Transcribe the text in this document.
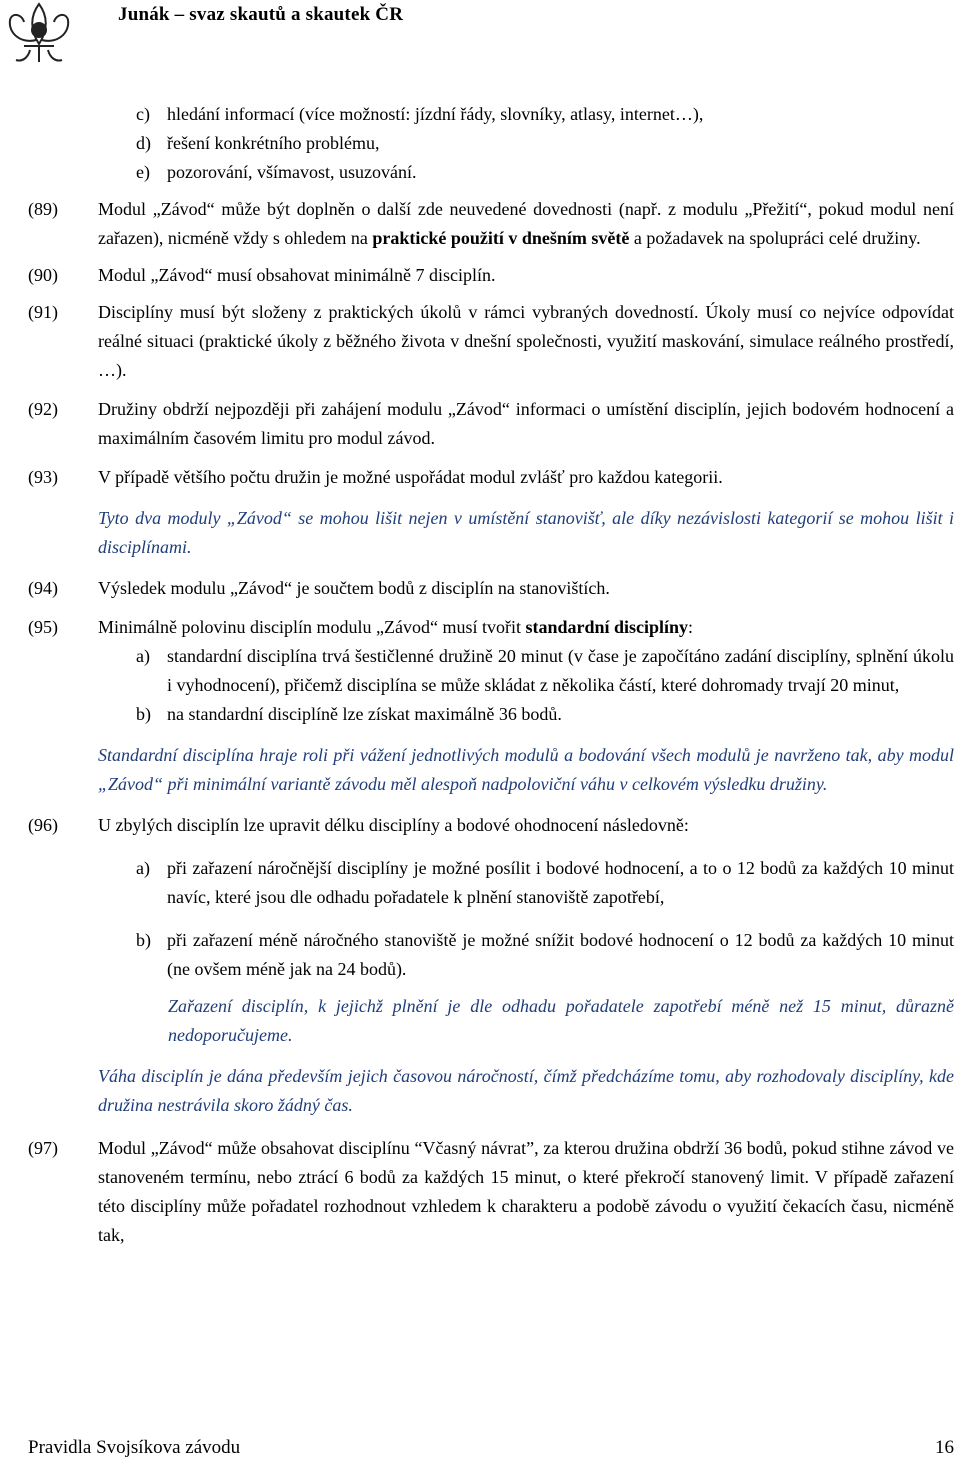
Junák – svaz skautů a skautek ČR
c) hledání informací (více možností: jízdní řády, slovníky, atlasy, internet…),
d) řešení konkrétního problému,
e) pozorování, všímavost, usuzování.
(89)	Modul „Závod“ může být doplněn o další zde neuvedené dovednosti (např. z modulu „Přežití“, pokud modul není zařazen), nicméně vždy s ohledem na praktické použití v dnešním světě a požadavek na spolupráci celé družiny.
(90)	Modul „Závod“ musí obsahovat minimálně 7 disciplín.
(91)	Disciplíny musí být složeny z praktických úkolů v rámci vybraných dovedností. Úkoly musí co nejvíce odpovídat reálné situaci (praktické úkoly z běžného života v dnešní společnosti, využití maskování, simulace reálného prostředí, …).
(92)	Družiny obdrží nejpozději při zahájení modulu „Závod“ informaci o umístění disciplín, jejich bodovém hodnocení a maximálním časovém limitu pro modul závod.
(93)	V případě většího počtu družin je možné uspořádat modul zvlášť pro každou kategorii.
Tyto dva moduly „Závod“ se mohou lišit nejen v umístění stanovišť, ale díky nezávislosti kategorií se mohou lišit i disciplínami.
(94)	Výsledek modulu „Závod“ je součtem bodů z disciplín na stanovištích.
(95)	Minimálně polovinu disciplín modulu „Závod“ musí tvořit standardní disciplíny:
a) standardní disciplína trvá šestičlenné družině 20 minut (v čase je započítáno zadání disciplíny, splnění úkolu i vyhodnocení), přičemž disciplína se může skládat z několika částí, které dohromady trvají 20 minut,
b) na standardní disciplíně lze získat maximálně 36 bodů.
Standardní disciplína hraje roli při vážení jednotlivých modulů a bodování všech modulů je navrženo tak, aby modul „Závod“ při minimální variantě závodu měl alespoň nadpoloviční váhu v celkovém výsledku družiny.
(96)	U zbylých disciplín lze upravit délku disciplíny a bodové ohodnocení následovně:
a) při zařazení náročnější disciplíny je možné posílit i bodové hodnocení, a to o 12 bodů za každých 10 minut navíc, které jsou dle odhadu pořadatele k plnění stanoviště zapotřebí,
b) při zařazení méně náročného stanoviště je možné snížit bodové hodnocení o 12 bodů za každých 10 minut (ne ovšem méně jak na 24 bodů).
Zařazení disciplín, k jejichž plnění je dle odhadu pořadatele zapotřebí méně než 15 minut, důrazně nedoporučujeme.
Váha disciplín je dána především jejich časovou náročností, čímž předcházíme tomu, aby rozhodovaly disciplíny, kde družina nestrávila skoro žádný čas.
(97)	Modul „Závod“ může obsahovat disciplínu “Včasný návrat”, za kterou družina obdrží 36 bodů, pokud stihne závod ve stanoveném termínu, nebo ztrácí 6 bodů za každých 15 minut, o které překročí stanovený limit. V případě zařazení této disciplíny může pořadatel rozhodnout vzhledem k charakteru a podobě závodu o využití čekacích času, nicméně tak,
Pravidla Svojsíkova závodu	16
